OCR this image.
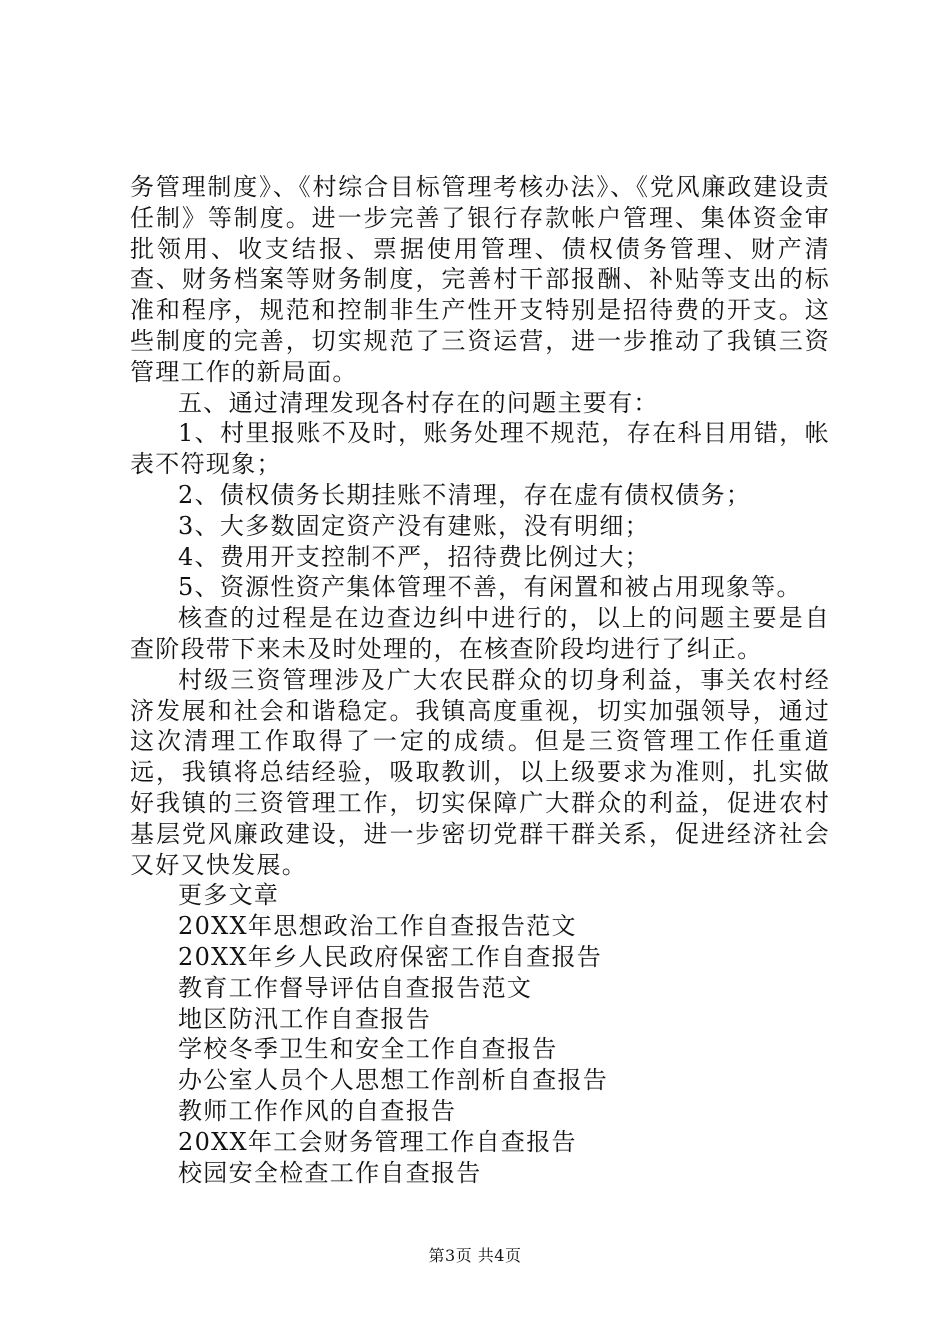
务管理制度》、《村综合目标管理考核办法》、《党风廉政建设责任制》等制度。进一步完善了银行存款帐户管理、集体资金审批领用、收支结报、票据使用管理、债权债务管理、财产清查、财务档案等财务制度，完善村干部报酬、补贴等支出的标准和程序，规范和控制非生产性开支特别是招待费的开支。这些制度的完善，切实规范了三资运营，进一步推动了我镇三资管理工作的新局面。

五、通过清理发现各村存在的问题主要有：

1、村里报账不及时，账务处理不规范，存在科目用错，帐表不符现象；

2、债权债务长期挂账不清理，存在虚有债权债务；

3、大多数固定资产没有建账，没有明细；

4、费用开支控制不严，招待费比例过大；

5、资源性资产集体管理不善，有闲置和被占用现象等。

核查的过程是在边查边纠中进行的，以上的问题主要是自查阶段带下来未及时处理的，在核查阶段均进行了纠正。

村级三资管理涉及广大农民群众的切身利益，事关农村经济发展和社会和谐稳定。我镇高度重视，切实加强领导，通过这次清理工作取得了一定的成绩。但是三资管理工作任重道远，我镇将总结经验，吸取教训，以上级要求为准则，扎实做好我镇的三资管理工作，切实保障广大群众的利益，促进农村基层党风廉政建设，进一步密切党群干群关系，促进经济社会又好又快发展。

更多文章

20XX年思想政治工作自查报告范文
20XX年乡人民政府保密工作自查报告
教育工作督导评估自查报告范文
地区防汛工作自查报告
学校冬季卫生和安全工作自查报告
办公室人员个人思想工作剖析自查报告
教师工作作风的自查报告
20XX年工会财务管理工作自查报告
校园安全检查工作自查报告
第3页 共4页
